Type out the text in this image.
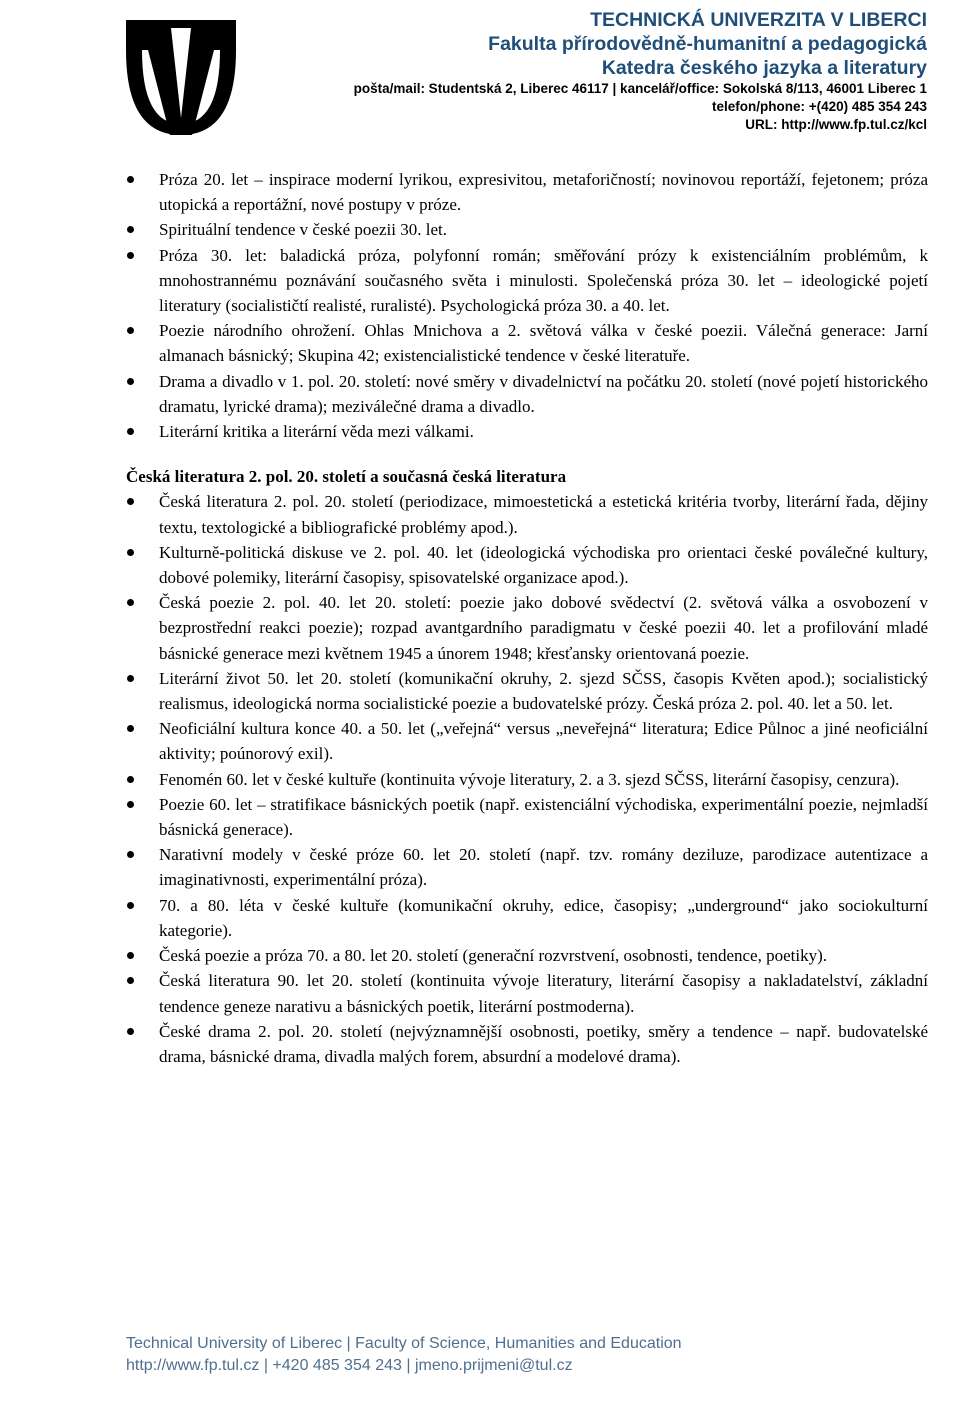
TECHNICKÁ UNIVERZITA V LIBERCI
Fakulta přírodovědně-humanitní a pedagogická
Katedra českého jazyka a literatury
pošta/mail: Studentská 2, Liberec 46117 | kancelář/office: Sokolská 8/113, 46001 Liberec 1
telefon/phone: +(420) 485 354 243
URL: http://www.fp.tul.cz/kcl
Próza 20. let – inspirace moderní lyrikou, expresivitou, metaforičností; novinovou reportáží, fejetonem; próza utopická a reportážní, nové postupy v próze.
Spirituální tendence v české poezii 30. let.
Próza 30. let: baladická próza, polyfonní román; směřování prózy k existenciálním problémům, k mnohostrannému poznávání současného světa i minulosti. Společenská próza 30. let – ideologické pojetí literatury (socialističtí realisté, ruralisté). Psychologická próza 30. a 40. let.
Poezie národního ohrožení. Ohlas Mnichova a 2. světová válka v české poezii. Válečná generace: Jarní almanach básnický; Skupina 42; existencialistické tendence v české literatuře.
Drama a divadlo v 1. pol. 20. století: nové směry v divadelnictví na počátku 20. století (nové pojetí historického dramatu, lyrické drama); meziválečné drama a divadlo.
Literární kritika a literární věda mezi válkami.
Česká literatura 2. pol. 20. století a současná česká literatura
Česká literatura 2. pol. 20. století (periodizace, mimoestetická a estetická kritéria tvorby, literární řada, dějiny textu, textologické a bibliografické problémy apod.).
Kulturně-politická diskuse ve 2. pol. 40. let (ideologická východiska pro orientaci české poválečné kultury, dobové polemiky, literární časopisy, spisovatelské organizace apod.).
Česká poezie 2. pol. 40. let 20. století: poezie jako dobové svědectví (2. světová válka a osvobození v bezprostřední reakci poezie); rozpad avantgardního paradigmatu v české poezii 40. let a profilování mladé básnické generace mezi květnem 1945 a únorem 1948; křesťansky orientovaná poezie.
Literární život 50. let 20. století (komunikační okruhy, 2. sjezd SČSS, časopis Květen apod.); socialistický realismus, ideologická norma socialistické poezie a budovatelské prózy. Česká próza 2. pol. 40. let a 50. let.
Neoficiální kultura konce 40. a 50. let („veřejná“ versus „neveřejná“ literatura; Edice Půlnoc a jiné neoficiální aktivity; poúnorový exil).
Fenomén 60. let v české kultuře (kontinuita vývoje literatury, 2. a 3. sjezd SČSS, literární časopisy, cenzura).
Poezie 60. let – stratifikace básnických poetik (např. existenciální východiska, experimentální poezie, nejmladší básnická generace).
Narativní modely v české próze 60. let 20. století (např. tzv. romány deziluze, parodizace autentizace a imaginativnosti, experimentální próza).
70. a 80. léta v české kultuře (komunikační okruhy, edice, časopisy; „underground“ jako sociokulturní kategorie).
Česká poezie a próza 70. a 80. let 20. století (generační rozvrstvení, osobnosti, tendence, poetiky).
Česká literatura 90. let 20. století (kontinuita vývoje literatury, literární časopisy a nakladatelství, základní tendence geneze narativu a básnických poetik, literární postmoderna).
České drama 2. pol. 20. století (nejvýznamnější osobnosti, poetiky, směry a tendence – např. budovatelské drama, básnické drama, divadla malých forem, absurdní a modelové drama).
Technical University of Liberec | Faculty of Science, Humanities and Education
http://www.fp.tul.cz | +420 485 354 243 | jmeno.prijmeni@tul.cz
